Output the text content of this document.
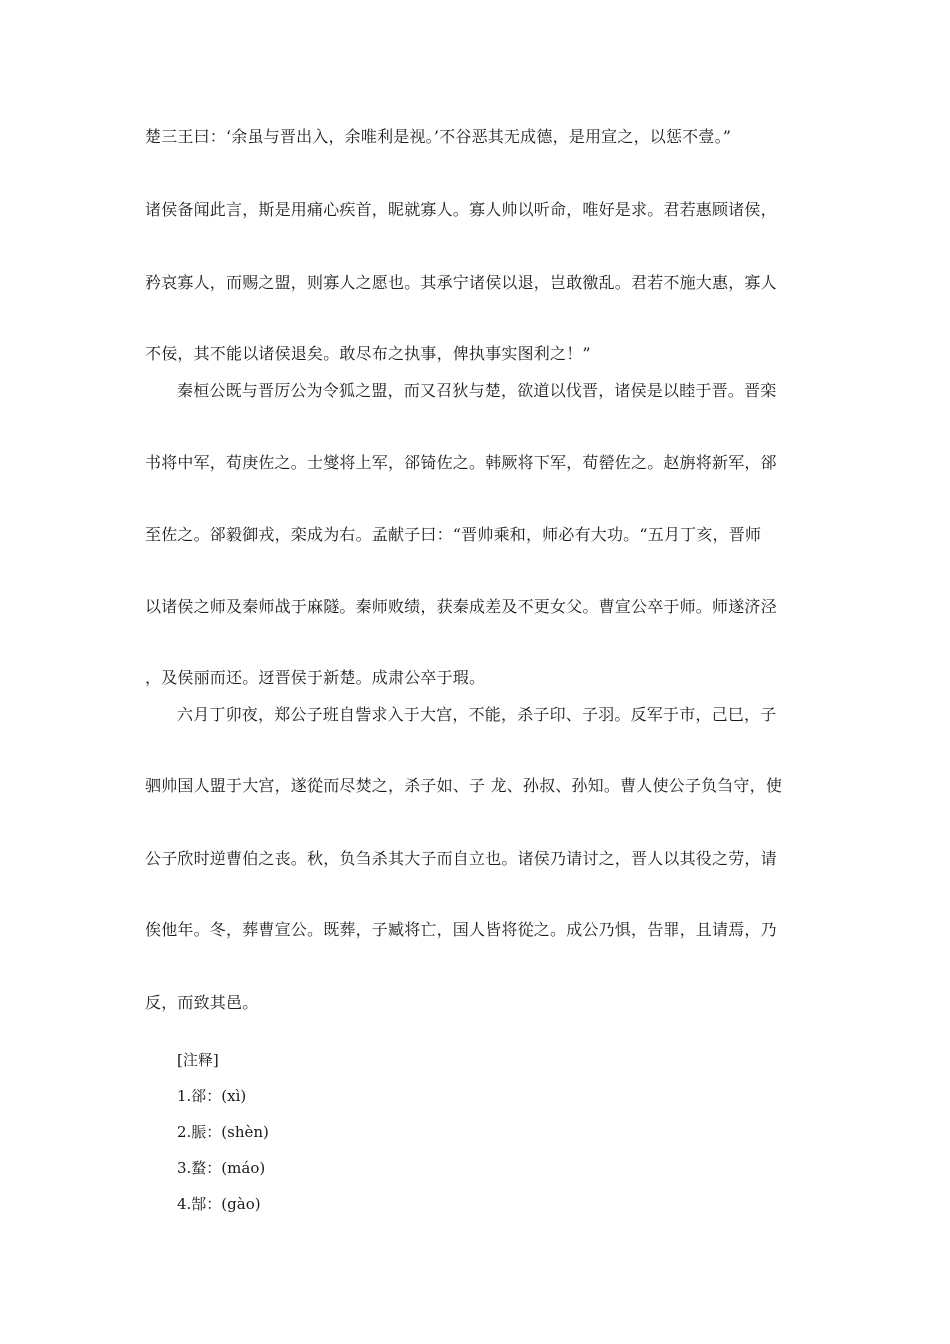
楚三王曰：‘余虽与晋出入，余唯利是视。’不谷恶其无成德，是用宣之，以惩不壹。”
诸侯备闻此言，斯是用痛心疾首，昵就寡人。寡人帅以听命，唯好是求。君若惠顾诸侯，
矜哀寡人，而赐之盟，则寡人之愿也。其承宁诸侯以退，岂敢徼乱。君若不施大惠，寡人
不佞，其不能以诸侯退矣。敢尽布之执事，俾执事实图利之！”
秦桓公既与晋厉公为令狐之盟，而又召狄与楚，欲道以伐晋，诸侯是以睦于晋。晋栾
书将中军，荀庚佐之。士燮将上军，郤锜佐之。韩厥将下军，荀罃佐之。赵旃将新军，郤
至佐之。郤毅御戎，栾成为右。孟献子曰：“晋帅乘和，师必有大功。“五月丁亥，晋师
以诸侯之师及秦师战于麻隧。秦师败绩，获秦成差及不更女父。曹宣公卒于师。师遂济泾
，及侯丽而还。迓晋侯于新楚。成肃公卒于瑕。
六月丁卯夜，郑公子班自訾求入于大宫，不能，杀子印、子羽。反军于市，己巳，子
驷帅国人盟于大宫，遂從而尽焚之，杀子如、子 龙、孙叔、孙知。曹人使公子负刍守，使
公子欣时逆曹伯之丧。秋，负刍杀其大子而自立也。诸侯乃请讨之，晋人以其役之劳，请
俟他年。冬，葬曹宣公。既葬，子臧将亡，国人皆将從之。成公乃惧，告罪，且请焉，乃
反，而致其邑。
[注释]
1.郤：(xì)
2.脤：(shèn)
3.蝥：(máo)
4.郜：(gào)
